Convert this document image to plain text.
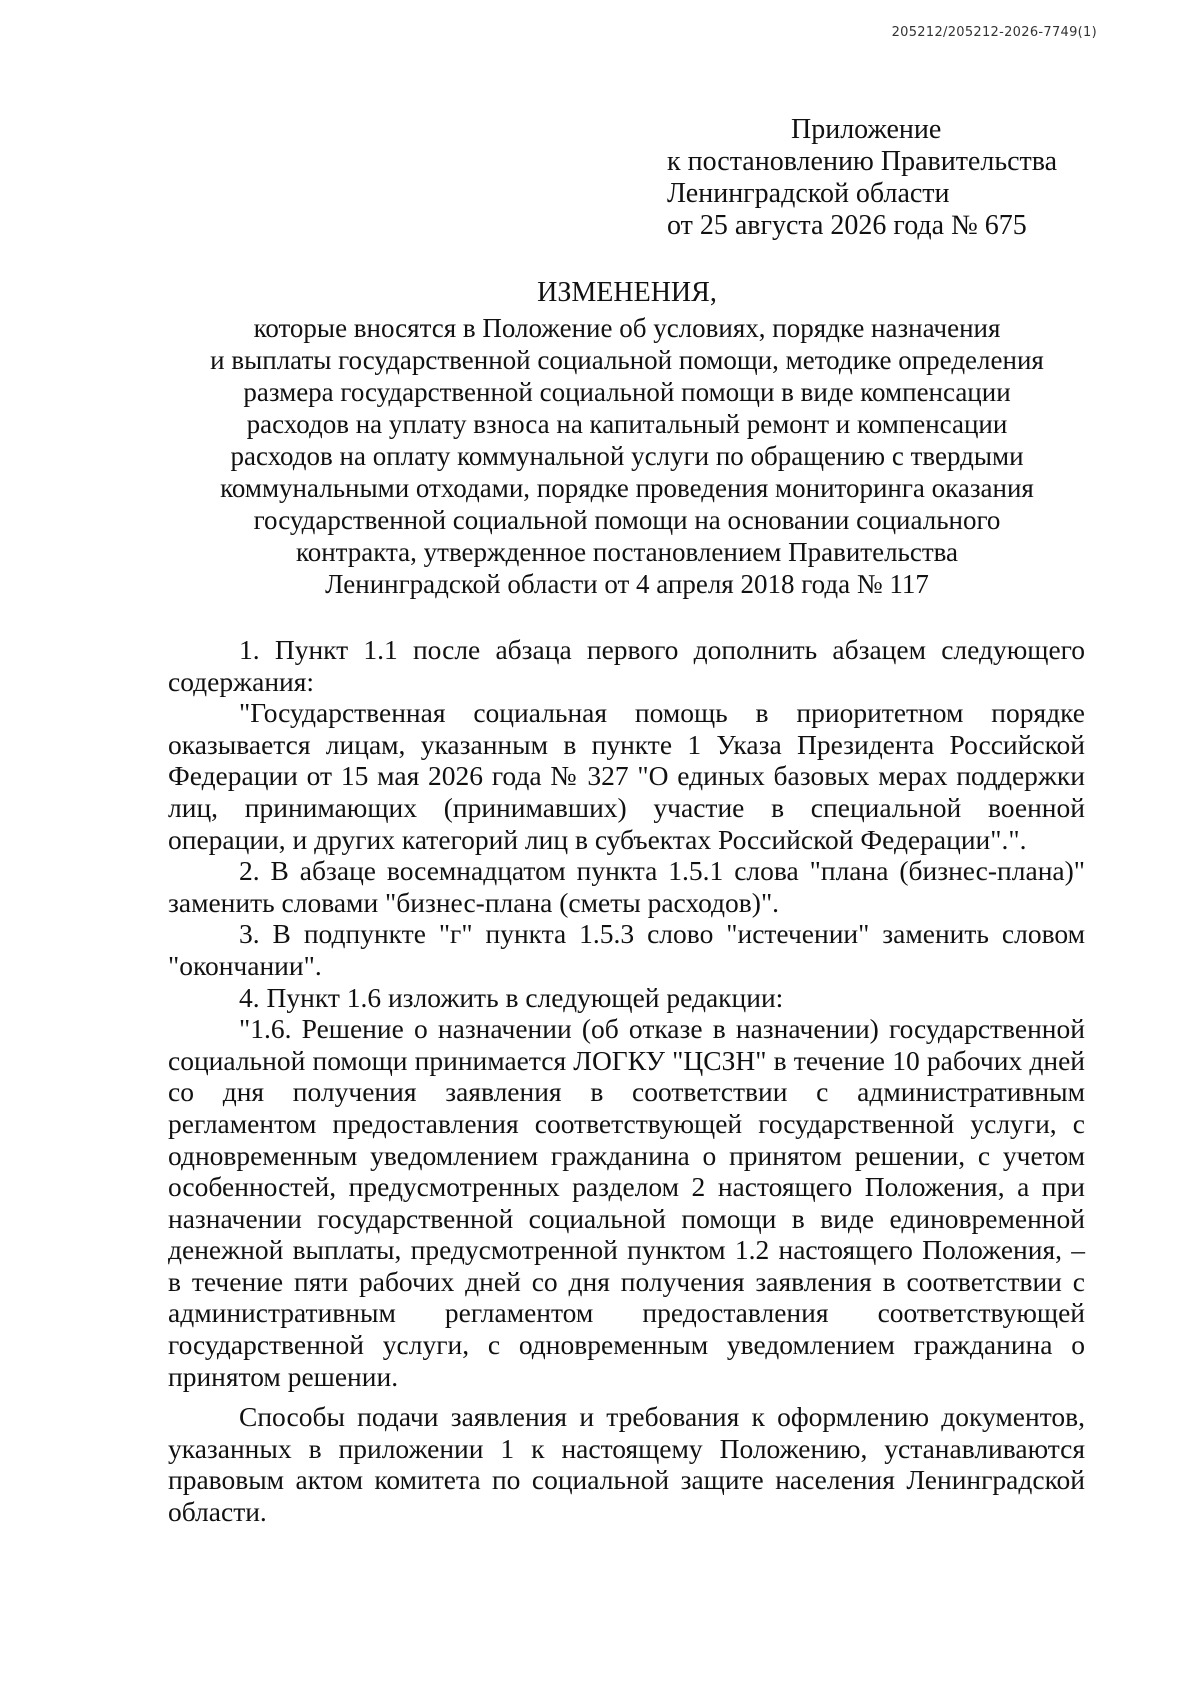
205212/205212-2026-7749(1)
Приложение
к постановлению Правительства
Ленинградской области
от 25 августа 2026 года № 675
ИЗМЕНЕНИЯ,
которые вносятся в Положение об условиях, порядке назначения
и выплаты государственной социальной помощи, методике определения
размера государственной социальной помощи в виде компенсации
расходов на уплату взноса на капитальный ремонт и компенсации
расходов на оплату коммунальной услуги по обращению с твердыми
коммунальными отходами, порядке проведения мониторинга оказания
государственной социальной помощи на основании социального
контракта, утвержденное постановлением Правительства
Ленинградской области от 4 апреля 2018 года № 117

1. Пункт 1.1 после абзаца первого дополнить абзацем следующего содержания:

"Государственная социальная помощь в приоритетном порядке оказывается лицам, указанным в пункте 1 Указа Президента Российской Федерации от 15 мая 2026 года № 327 "О единых базовых мерах поддержки лиц, принимающих (принимавших) участие в специальной военной операции, и других категорий лиц в субъектах Российской Федерации".".

2. В абзаце восемнадцатом пункта 1.5.1 слова "плана (бизнес-плана)" заменить словами "бизнес-плана (сметы расходов)".

3. В подпункте "г" пункта 1.5.3 слово "истечении" заменить словом "окончании".

4. Пункт 1.6 изложить в следующей редакции:

"1.6. Решение о назначении (об отказе в назначении) государственной социальной помощи принимается ЛОГКУ "ЦСЗН" в течение 10 рабочих дней со дня получения заявления в соответствии с административным регламентом предоставления соответствующей государственной услуги, с одновременным уведомлением гражданина о принятом решении, с учетом особенностей, предусмотренных разделом 2 настоящего Положения, а при назначении государственной социальной помощи в виде единовременной денежной выплаты, предусмотренной пунктом 1.2 настоящего Положения, – в течение пяти рабочих дней со дня получения заявления в соответствии с административным регламентом предоставления соответствующей государственной услуги, с одновременным уведомлением гражданина о принятом решении.

Способы подачи заявления и требования к оформлению документов, указанных в приложении 1 к настоящему Положению, устанавливаются правовым актом комитета по социальной защите населения Ленинградской области.
